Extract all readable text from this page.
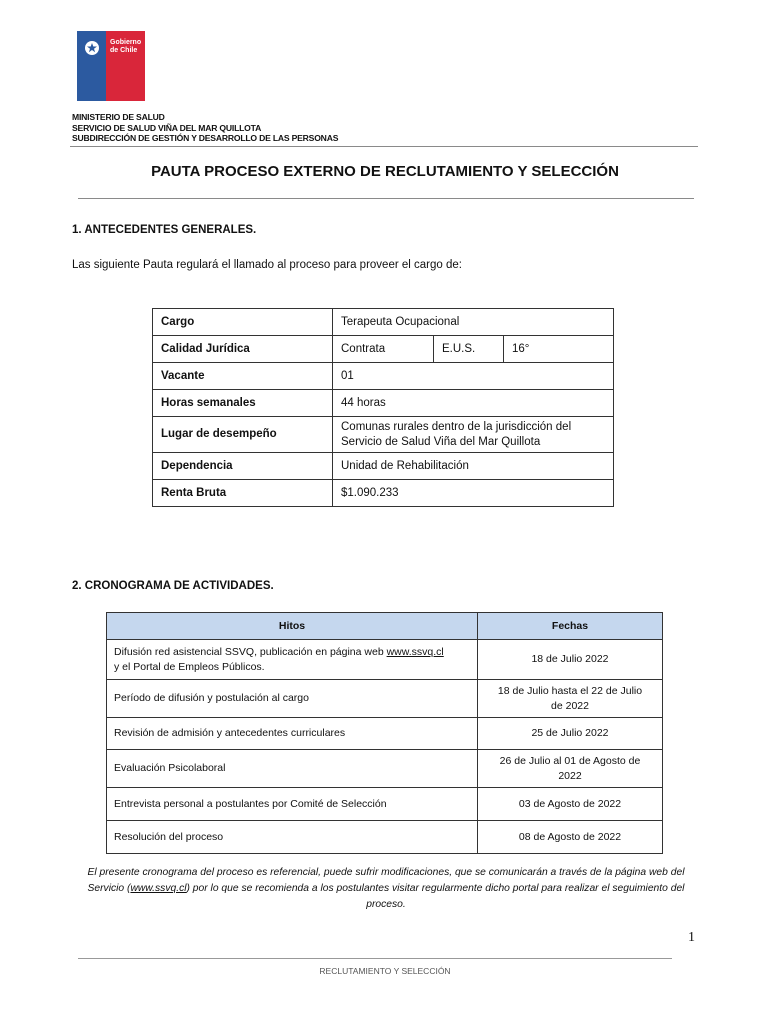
Gobierno
de Chile
MINISTERIO DE SALUD
SERVICIO DE SALUD VIÑA DEL MAR QUILLOTA
SUBDIRECCIÓN DE GESTIÓN Y DESARROLLO DE LAS PERSONAS
PAUTA PROCESO EXTERNO DE RECLUTAMIENTO Y SELECCIÓN
1. ANTECEDENTES GENERALES.
Las siguiente Pauta regulará el llamado al proceso para proveer el cargo de:
Cargo	Terapeuta Ocupacional		
Calidad Jurídica	Contrata	E.U.S.	16°
Vacante	01		
Horas semanales	44 horas		
Lugar de desempeño	Comunas rurales dentro de la jurisdicción del
Servicio de Salud Viña del Mar Quillota		

Dependencia	Unidad de Rehabilitación		
Renta Bruta	$1.090.233		
2. CRONOGRAMA DE ACTIVIDADES.
Hitos	Fechas
Difusión red asistencial SSVQ, publicación en página web www.ssvq.cl
y el Portal de Empleos Públicos.	18 de Julio 2022
Período de difusión y postulación al cargo	18 de Julio hasta el 22 de Julio
de 2022

Revisión de admisión y antecedentes curriculares	25 de Julio 2022
Evaluación Psicolaboral	26 de Julio al 01 de Agosto de
2022

Entrevista personal a postulantes por Comité de Selección	03 de Agosto de 2022
Resolución del proceso	08 de Agosto de 2022
El presente cronograma del proceso es referencial, puede sufrir modificaciones, que se comunicarán a través de la página web del Servicio (www.ssvq.cl) por lo que se recomienda a los postulantes visitar regularmente dicho portal para realizar el seguimiento del proceso.
1
RECLUTAMIENTO Y SELECCIÓN
